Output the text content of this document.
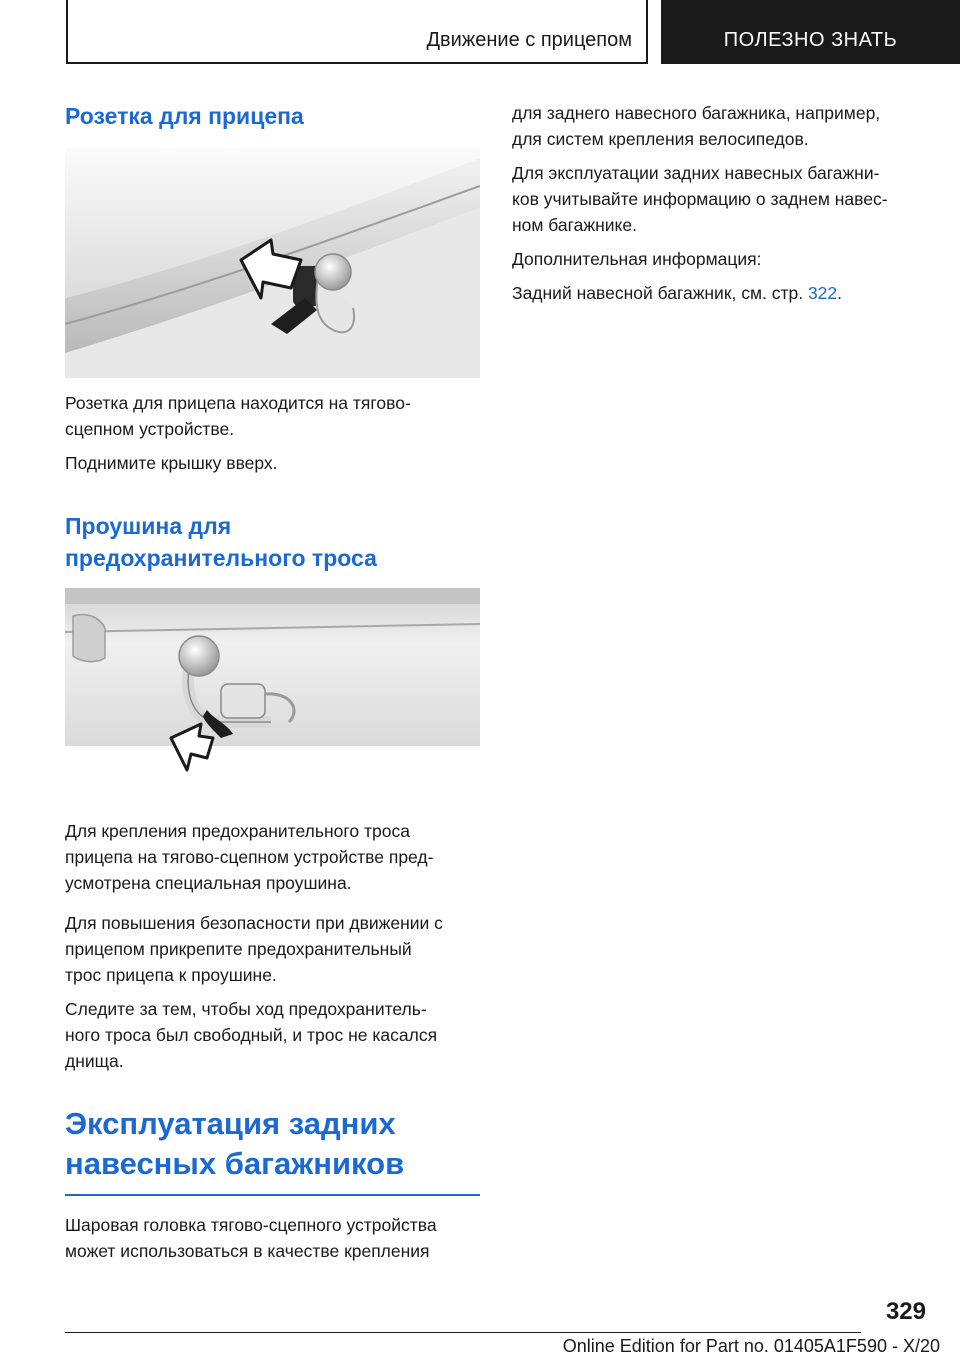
Движение с прицепом	ПОЛЕЗНО ЗНАТЬ
Розетка для прицепа

Розетка для прицепа находится на тягово-
сцепном устройстве.

Поднимите крышку вверх.

Проушина для
предохранительного троса

Для крепления предохранительного троса
прицепа на тягово-сцепном устройстве пред-
усмотрена специальная проушина.

Для повышения безопасности при движении с
прицепом прикрепите предохранительный
трос прицепа к проушине.

Следите за тем, чтобы ход предохранитель-
ного троса был свободный, и трос не касался
днища.

Эксплуатация задних
навесных багажников

Шаровая головка тягово-сцепного устройства
может использоваться в качестве крепления

для заднего навесного багажника, например,
для систем крепления велосипедов.

Для эксплуатации задних навесных багажни-
ков учитывайте информацию о заднем навес-
ном багажнике.

Дополнительная информация:

Задний навесной багажник, см. стр. 322.

329
Online Edition for Part no. 01405A1F590 - X/20
